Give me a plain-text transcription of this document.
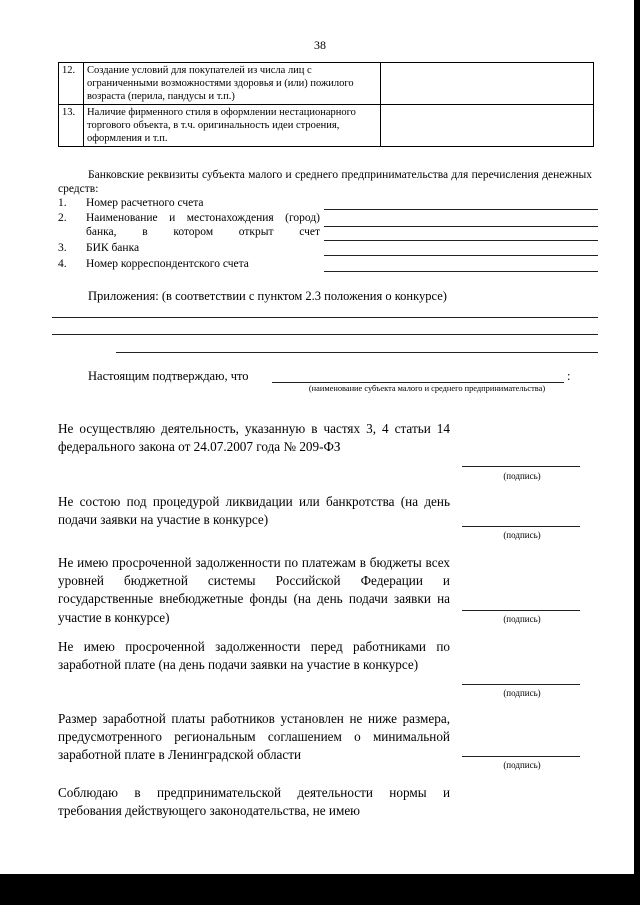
38
12.	Создание условий для покупателей из числа лиц с ограниченными возможностями здоровья и (или) пожилого возраста (перила, пандусы и т.п.)	
13.	Наличие фирменного стиля в оформлении нестационарного торгового объекта, в т.ч. оригинальность идеи строения, оформления и т.п.	
Банковские реквизиты субъекта малого и среднего предпринимательства для перечисления денежных средств:
1. Номер расчетного счета
2. Наименование и местонахождения (город) банка, в котором открыт счет
3. БИК банка
4. Номер корреспондентского счета
Приложения: (в соответствии с пунктом 2.3 положения о конкурсе)
Настоящим подтверждаю, что	:
(наименование субъекта малого и среднего предпринимательства)
Не осуществляю деятельность, указанную в частях 3, 4 статьи 14 федерального закона от 24.07.2007 года № 209-ФЗ
(подпись)
Не состою под процедурой ликвидации или банкротства (на день подачи заявки на участие в конкурсе)
(подпись)
Не имею просроченной задолженности по платежам в бюджеты всех уровней бюджетной системы Российской Федерации и государственные внебюджетные фонды (на день подачи заявки на участие в конкурсе)	(подпись)
Не имею просроченной задолженности перед работниками по заработной плате (на день подачи заявки на участие в конкурсе)
(подпись)
Размер заработной платы работников установлен не ниже размера, предусмотренного региональным соглашением о минимальной заработной плате в Ленинградской области
(подпись)
Соблюдаю в предпринимательской деятельности нормы и требования действующего законодательства, не имею
